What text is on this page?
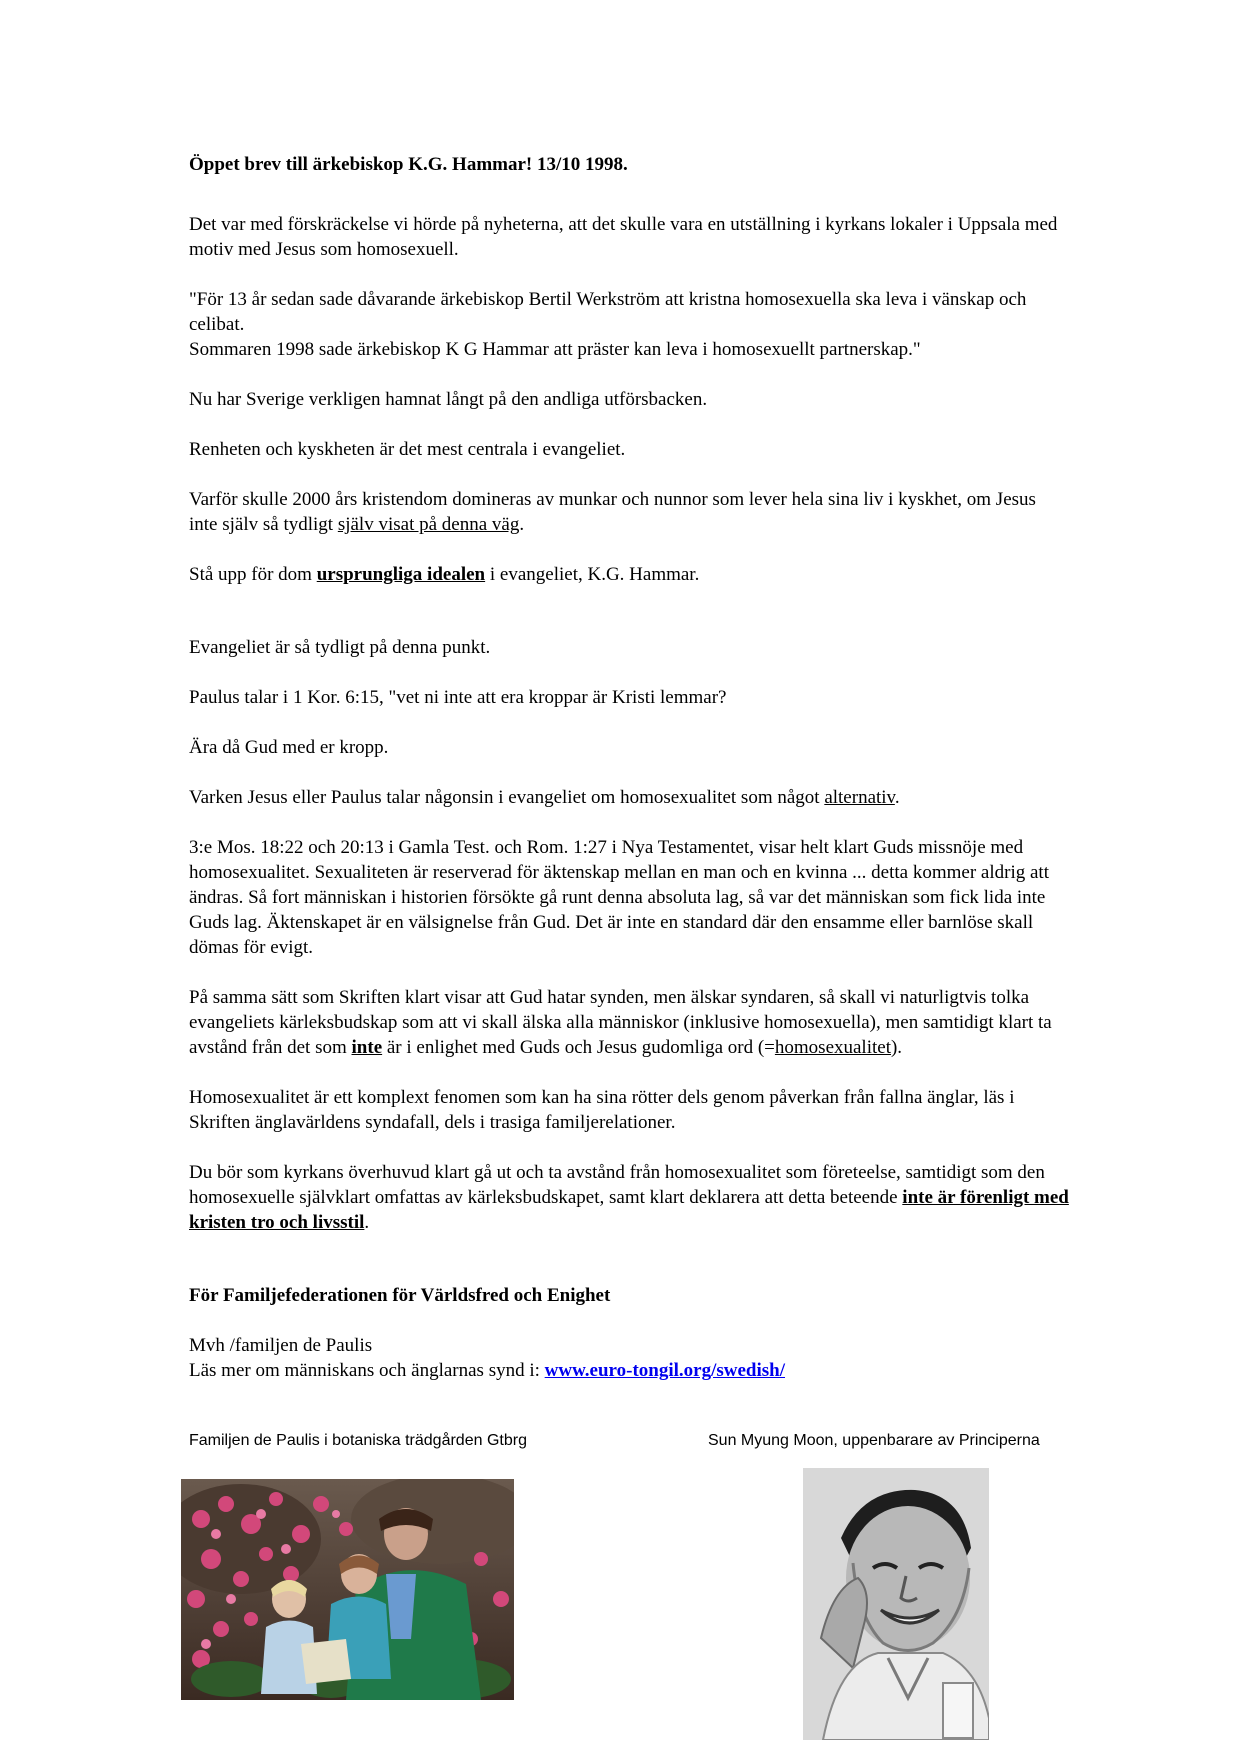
Öppet brev till ärkebiskop K.G. Hammar! 13/10 1998.

Det var med förskräckelse vi hörde på nyheterna, att det skulle vara en utställning i kyrkans lokaler i Uppsala med motiv med Jesus som homosexuell.

"För 13 år sedan sade dåvarande ärkebiskop Bertil Werkström att kristna homosexuella ska leva i vänskap och celibat.
Sommaren 1998 sade ärkebiskop K G Hammar att präster kan leva i homosexuellt partnerskap."

Nu har Sverige verkligen hamnat långt på den andliga utförsbacken.

Renheten och kyskheten är det mest centrala i evangeliet.

Varför skulle 2000 års kristendom domineras av munkar och nunnor som lever hela sina liv i kyskhet, om Jesus inte själv så tydligt själv visat på denna väg.

Stå upp för dom ursprungliga idealen i evangeliet, K.G. Hammar.

Evangeliet är så tydligt på denna punkt.

Paulus talar i 1 Kor. 6:15, "vet ni inte att era kroppar är Kristi lemmar?

Ära då Gud med er kropp.

Varken Jesus eller Paulus talar någonsin i evangeliet om homosexualitet som något alternativ.

3:e Mos. 18:22 och 20:13 i Gamla Test. och Rom. 1:27 i Nya Testamentet, visar helt klart Guds missnöje med homosexualitet. Sexualiteten är reserverad för äktenskap mellan en man och en kvinna ... detta kommer aldrig att ändras. Så fort människan i historien försökte gå runt denna absoluta lag, så var det människan som fick lida inte Guds lag. Äktenskapet är en välsignelse från Gud. Det är inte en standard där den ensamme eller barnlöse skall dömas för evigt.

På samma sätt som Skriften klart visar att Gud hatar synden, men älskar syndaren, så skall vi naturligtvis tolka evangeliets kärleksbudskap som att vi skall älska alla människor (inklusive homosexuella), men samtidigt klart ta avstånd från det som inte är i enlighet med Guds och Jesus gudomliga ord (=homosexualitet).

Homosexualitet är ett komplext fenomen som kan ha sina rötter dels genom påverkan från fallna änglar, läs i Skriften änglavärldens syndafall, dels i trasiga familjerelationer.

Du bör som kyrkans överhuvud klart gå ut och ta avstånd från homosexualitet som företeelse, samtidigt som den homosexuelle självklart omfattas av kärleksbudskapet, samt klart deklarera att detta beteende inte är förenligt med kristen tro och livsstil.

För Familjefederationen för Världsfred och Enighet
Mvh /familjen de Paulis
Läs mer om människans och änglarnas synd i: www.euro-tongil.org/swedish/
Familjen de Paulis i botaniska trädgården Gtbrg	Sun Myung Moon, uppenbarare av Principerna
